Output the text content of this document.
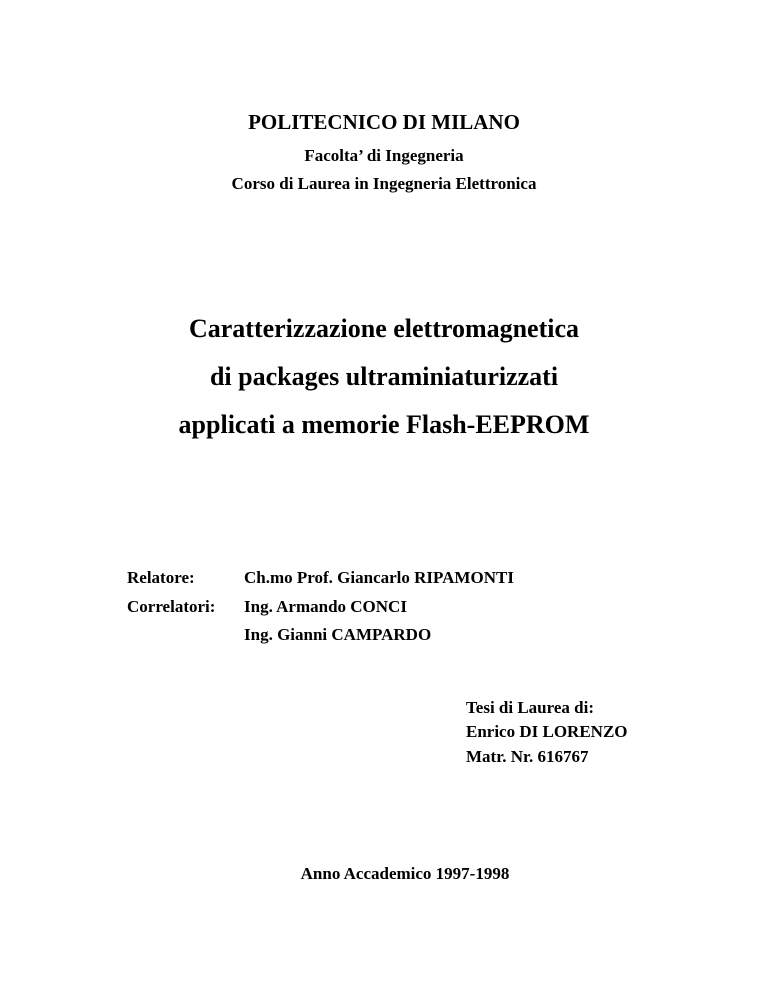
POLITECNICO DI MILANO
Facolta’ di Ingegneria
Corso di Laurea in Ingegneria Elettronica
Caratterizzazione elettromagnetica
di packages ultraminiaturizzati
applicati a memorie Flash-EEPROM
Relatore:	Ch.mo Prof. Giancarlo RIPAMONTI
Correlatori: Ing. Armando CONCI
Ing. Gianni CAMPARDO
Tesi di Laurea di:
Enrico DI LORENZO
Matr. Nr. 616767
Anno Accademico 1997-1998
